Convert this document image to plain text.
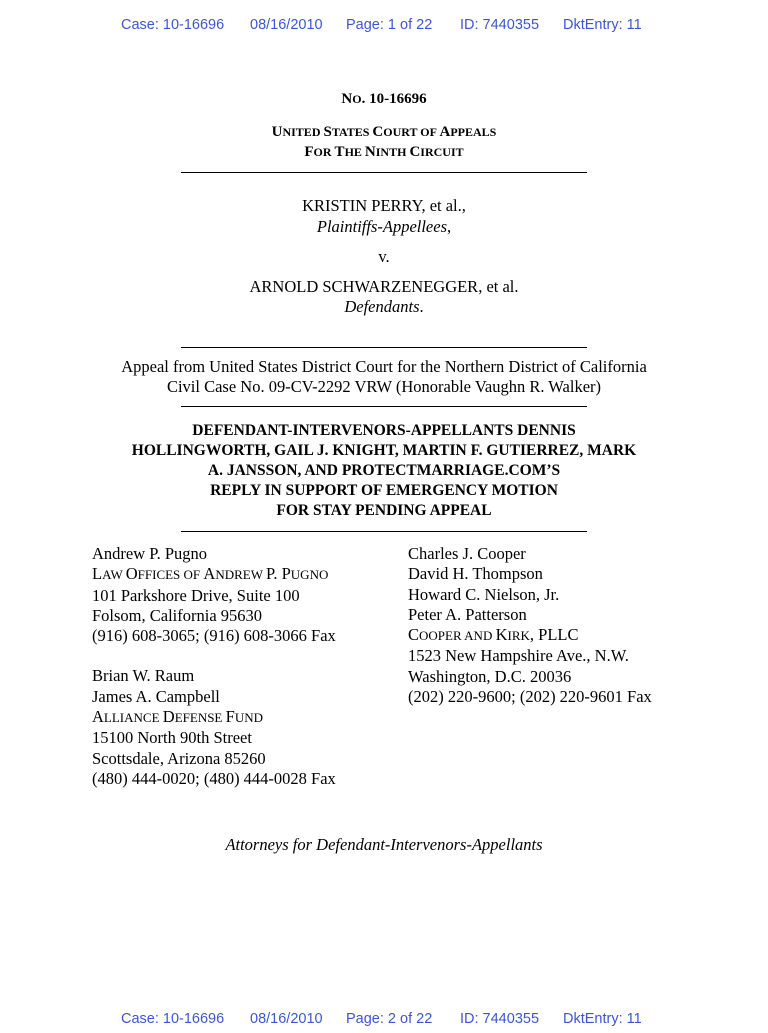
Case: 10-16696 08/16/2010 Page: 1 of 22 ID: 7440355 DktEntry: 11
NO. 10-16696
UNITED STATES COURT OF APPEALS
FOR THE NINTH CIRCUIT
KRISTIN PERRY, et al.,
Plaintiffs-Appellees,
v.
ARNOLD SCHWARZENEGGER, et al.
Defendants.
Appeal from United States District Court for the Northern District of California
Civil Case No. 09-CV-2292 VRW (Honorable Vaughn R. Walker)
DEFENDANT-INTERVENORS-APPELLANTS DENNIS
HOLLINGWORTH, GAIL J. KNIGHT, MARTIN F. GUTIERREZ, MARK
A. JANSSON, AND PROTECTMARRIAGE.COM’S
REPLY IN SUPPORT OF EMERGENCY MOTION
FOR STAY PENDING APPEAL
Andrew P. Pugno
LAW OFFICES OF ANDREW P. PUGNO
101 Parkshore Drive, Suite 100
Folsom, California 95630
(916) 608-3065; (916) 608-3066 Fax
Brian W. Raum
James A. Campbell
ALLIANCE DEFENSE FUND
15100 North 90th Street
Scottsdale, Arizona 85260
(480) 444-0020; (480) 444-0028 Fax
Charles J. Cooper
David H. Thompson
Howard C. Nielson, Jr.
Peter A. Patterson
COOPER AND KIRK, PLLC
1523 New Hampshire Ave., N.W.
Washington, D.C. 20036
(202) 220-9600; (202) 220-9601 Fax
Attorneys for Defendant-Intervenors-Appellants
Case: 10-16696 08/16/2010 Page: 2 of 22 ID: 7440355 DktEntry: 11
